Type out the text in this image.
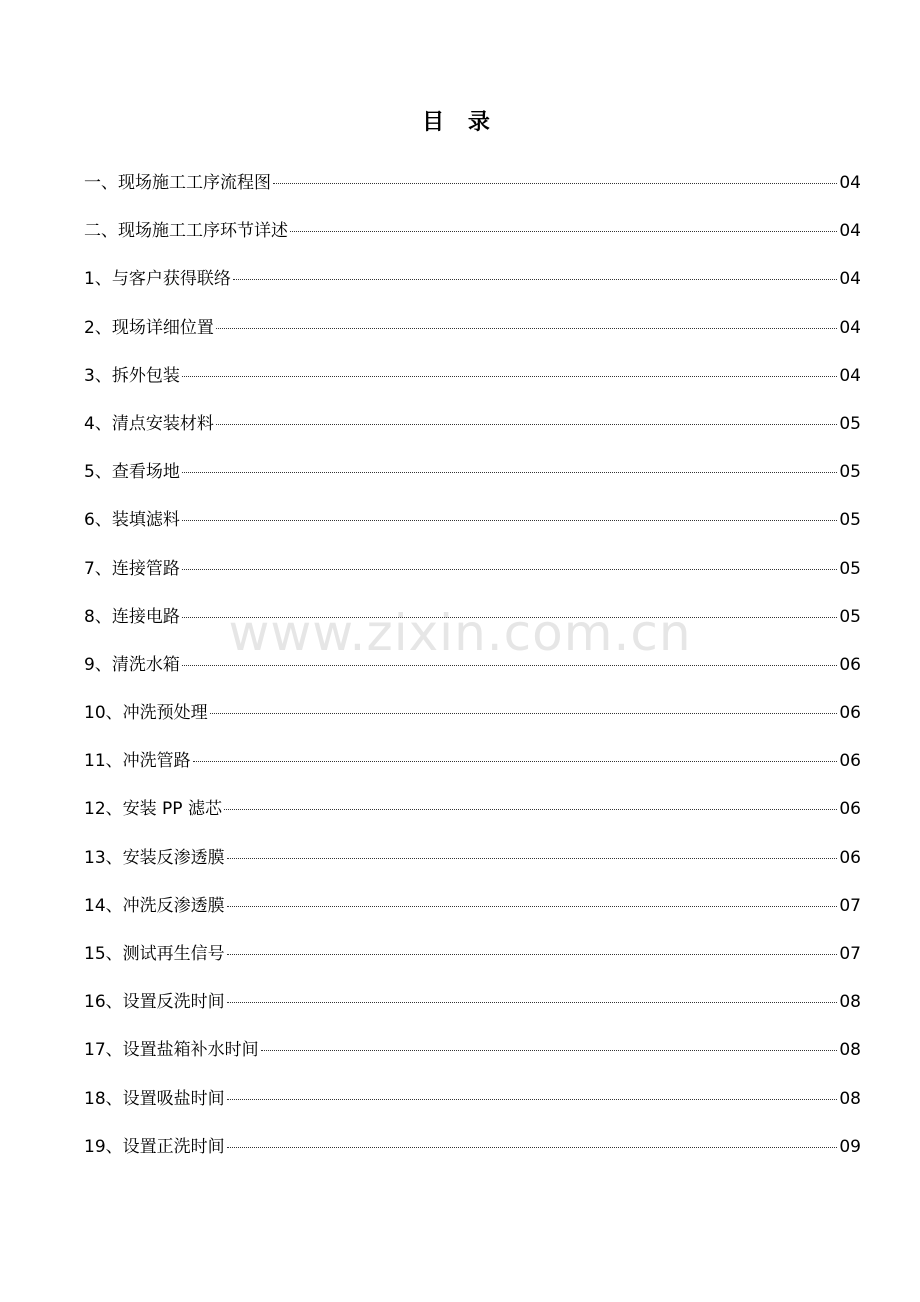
目 录
www.zixin.com.cn
一、现场施工工序流程图	04
二、现场施工工序环节详述	04
1、与客户获得联络	04
2、现场详细位置	04
3、拆外包装	04
4、清点安装材料	05
5、查看场地	05
6、装填滤料	05
7、连接管路	05
8、连接电路	05
9、清洗水箱	06
10、冲洗预处理	06
11、冲洗管路	06
12、安装 PP 滤芯	06
13、安装反渗透膜	06
14、冲洗反渗透膜	07
15、测试再生信号	07
16、设置反洗时间	08
17、设置盐箱补水时间	08
18、设置吸盐时间	08
19、设置正洗时间	09
